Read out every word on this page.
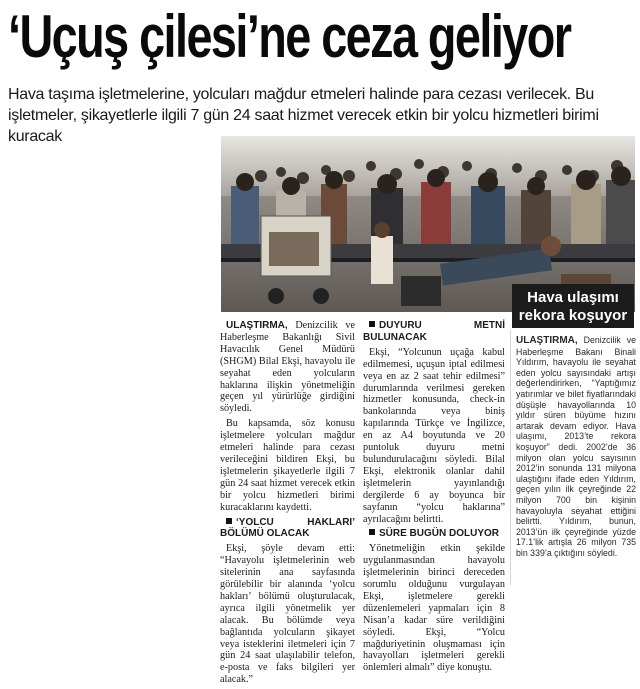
‘Uçuş çilesi’ne ceza geliyor
Hava taşıma işletmelerine, yolcuları mağdur etmeleri halinde para cezası verilecek. Bu işletmeler, şikayetlerle ilgili 7 gün 24 saat hizmet verecek etkin bir yolcu hizmetleri birimi kuracak
Hava ulaşımı rekora koşuyor

ULAŞTIRMA, Denizcilik ve Haberleşme Bakanlığı Sivil Havacılık Genel Müdürü (SHGM) Bilal Ekşi, havayolu ile seyahat eden yolcuların haklarına ilişkin yönetmeliğin geçen yıl yürürlüğe girdiğini söyledi.

Bu kapsamda, söz konusu işletmelere yolcuları mağdur etmeleri halinde para cezası verileceğini bildiren Ekşi, bu işletmelerin şikayetlerle ilgili 7 gün 24 saat hizmet verecek etkin bir yolcu hizmetleri birimi kuracaklarını kaydetti.

‘YOLCU HAKLARI’ BÖLÜMÜ OLACAK

Ekşi, şöyle devam etti: “Havayolu işletmelerinin web sitelerinin ana sayfasında görülebilir bir alanında ‘yolcu hakları’ bölümü oluşturulacak, ayrıca ilgili yönetmelik yer alacak. Bu bölümde veya bağlantıda yolcuların şikayet veya isteklerini iletmeleri için 7 gün 24 saat ulaşılabilir telefon, e-posta ve faks bilgileri yer alacak.”

DUYURU METNİ BULUNACAK

Ekşi, “Yolcunun uçağa kabul edilmemesi, uçuşun iptal edilmesi veya en az 2 saat tehir edilmesi” durumlarında verilmesi gereken hizmetler konusunda, check-in bankolarında veya biniş kapılarında Türkçe ve İngilizce, en az A4 boyutunda ve 20 puntoluk duyuru metni bulundurulacağını söyledi. Bilal Ekşi, elektronik olanlar dahil işletmelerin yayınlandığı dergilerde 6 ay boyunca bir sayfanın “yolcu haklarına” ayrılacağını belirtti.

SÜRE BUGÜN DOLUYOR

Yönetmeliğin etkin şekilde uygulanmasından havayolu işletmelerinin birinci dereceden sorumlu olduğunu vurgulayan Ekşi, işletmelere gerekli düzenlemeleri yapmaları için 8 Nisan’a kadar süre verildiğini söyledi. Ekşi, “Yolcu mağduriyetinin oluşmaması için havayolları işletmeleri gerekli önlemleri almalı” diye konuştu.

ULAŞTIRMA, Denizcilik ve Haberleşme Bakanı Binali Yıldırım, havayolu ile seyahat eden yolcu sayısındaki artışı değerlendirirken, “Yaptığımız yatırımlar ve bilet fiyatlarındaki düşüşle havayollarında 10 yıldır süren büyüme hızını artarak devam ediyor. Hava ulaşımı, 2013’te rekora koşuyor” dedi. 2002’de 36 milyon olan yolcu sayısının 2012’in sonunda 131 milyona ulaştığını ifade eden Yıldırım, geçen yılın ilk çeyreğinde 22 milyon 700 bin kişinin havayoluyla seyahat ettiğini belirtti. Yıldırım, bunun, 2013’ün ilk çeyreğinde yüzde 17.1’lik artışla 26 milyon 735 bin 339’a çıktığını söyledi.
